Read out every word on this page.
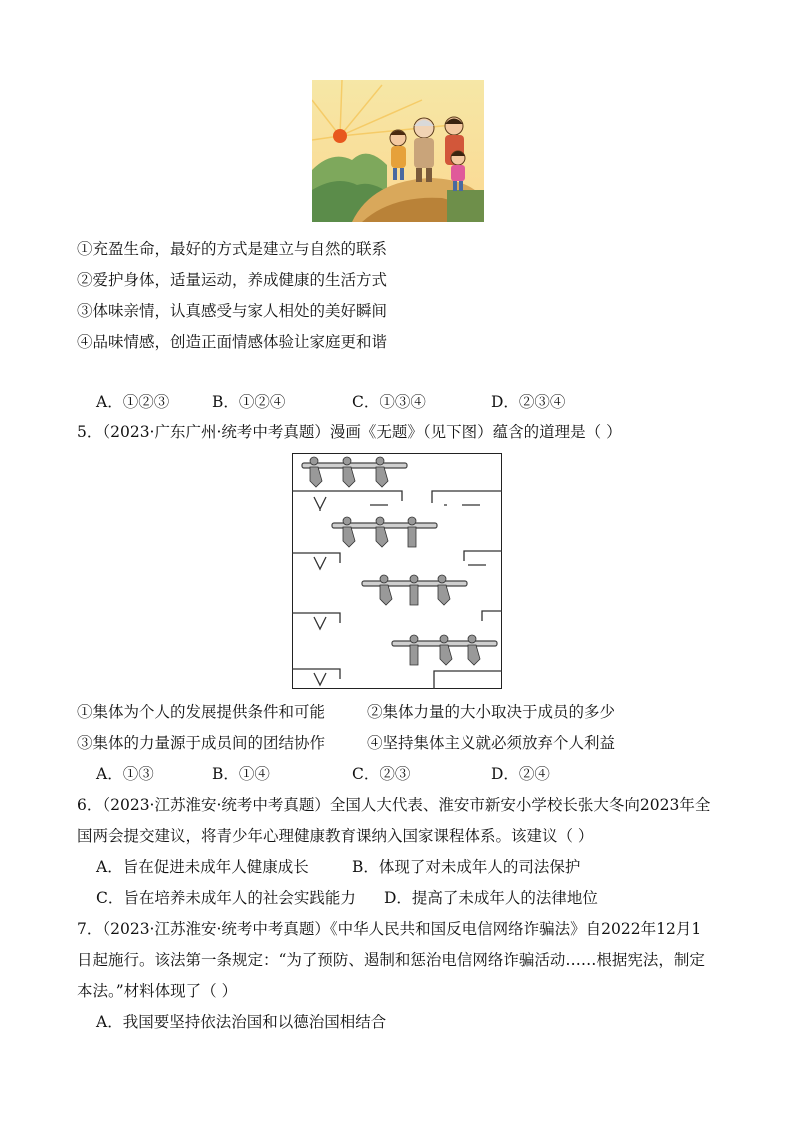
①充盈生命，最好的方式是建立与自然的联系
②爱护身体，适量运动，养成健康的生活方式
③体味亲情，认真感受与家人相处的美好瞬间
④品味情感，创造正面情感体验让家庭更和谐
A．①②③	B．①②④	C．①③④	D．②③④
5．（2023·广东广州·统考中考真题）漫画《无题》（见下图）蕴含的道理是（ ）
①集体为个人的发展提供条件和可能	②集体力量的大小取决于成员的多少
③集体的力量源于成员间的团结协作	④坚持集体主义就必须放弃个人利益
A．①③	B．①④	C．②③	D．②④
6．（2023·江苏淮安·统考中考真题）全国人大代表、淮安市新安小学校长张大冬向2023年全
国两会提交建议，将青少年心理健康教育课纳入国家课程体系。该建议（ ）
A．旨在促进未成年人健康成长	B．体现了对未成年人的司法保护
C．旨在培养未成年人的社会实践能力 D．提高了未成年人的法律地位
7．（2023·江苏淮安·统考中考真题）《中华人民共和国反电信网络诈骗法》自2022年12月1
日起施行。该法第一条规定：“为了预防、遏制和惩治电信网络诈骗活动……根据宪法，制定
本法。”材料体现了（ ）
A．我国要坚持依法治国和以德治国相结合
